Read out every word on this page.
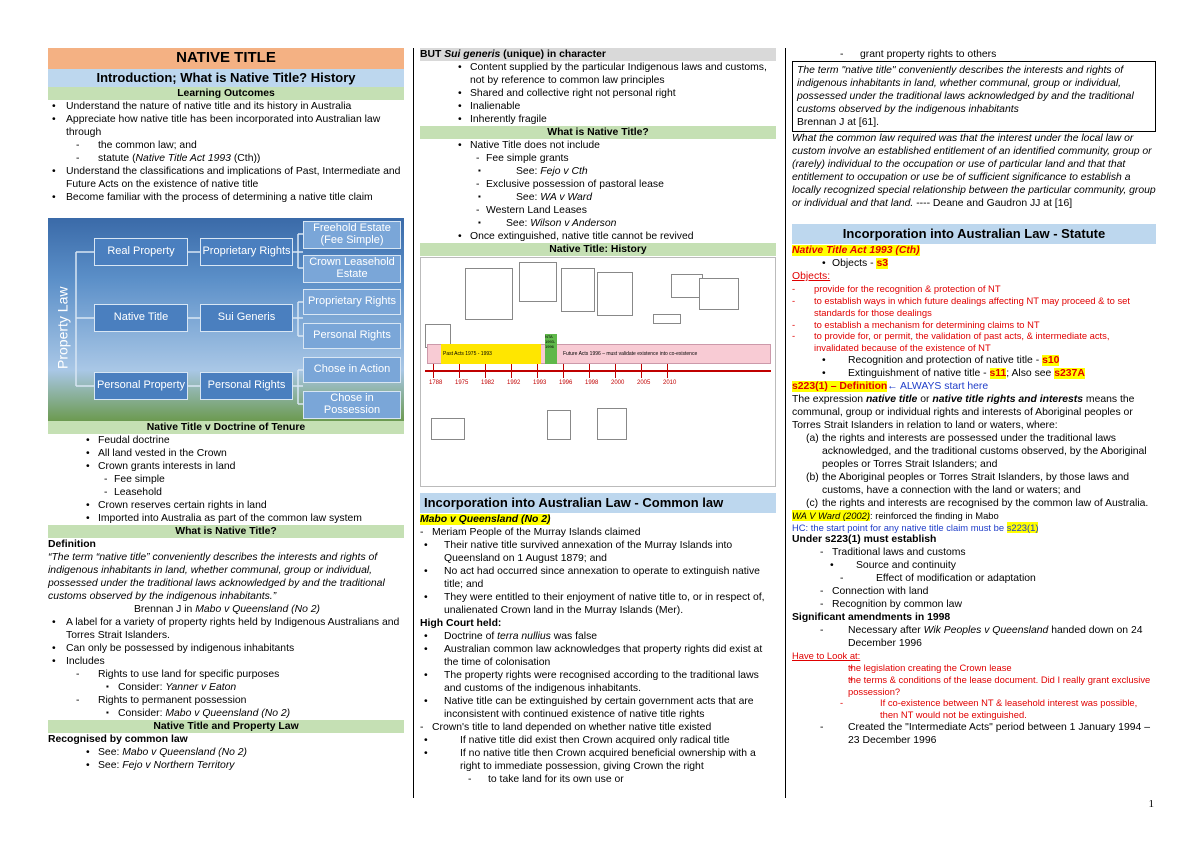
NATIVE TITLE
Introduction; What is Native Title? History
Learning Outcomes
• Understand the nature of native title and its history in Australia
• Appreciate how native title has been incorporated into Australian law through
- the common law; and
- statute (Native Title Act 1993 (Cth))
• Understand the classifications and implications of Past, Intermediate and Future Acts on the existence of native title
• Become familiar with the process of determining a native title claim
Property Law
Real Property
Native Title
Personal Property
Proprietary Rights
Sui Generis
Personal Rights
Freehold Estate (Fee Simple)
Crown Leasehold Estate
Proprietary Rights
Personal Rights
Chose in Action
Chose in Possession
Native Title v Doctrine of Tenure
• Feudal doctrine
• All land vested in the Crown
• Crown grants interests in land
- Fee simple
- Leasehold
• Crown reserves certain rights in land
• Imported into Australia as part of the common law system
What is Native Title?
Definition
“The term “native title” conveniently describes the interests and rights of indigenous inhabitants in land, whether communal, group or individual, possessed under the traditional laws acknowledged by and the traditional customs observed by the indigenous inhabitants.”
Brennan J in Mabo v Queensland (No 2)
• A label for a variety of property rights held by Indigenous Australians and Torres Strait Islanders.
• Can only be possessed by indigenous inhabitants
• Includes
- Rights to use land for specific purposes
▪ Consider: Yanner v Eaton
- Rights to permanent possession
▪ Consider: Mabo v Queensland (No 2)
Native Title and Property Law
Recognised by common law
• See: Mabo v Queensland (No 2)
• See: Fejo v Northern Territory
BUT Sui generis (unique) in character
• Content supplied by the particular Indigenous laws and customs, not by reference to common law principles
• Shared and collective right not personal right
• Inalienable
• Inherently fragile
What is Native Title?
• Native Title does not include
- Fee simple grants
▪ See: Fejo v Cth
- Exclusive possession of pastoral lease
▪ See: WA v Ward
- Western Land Leases
▪ See: Wilson v Anderson
• Once extinguished, native title cannot be revived
Native Title: History
Past Acts 1975 - 1993
NTA 1993-1996
Future Acts 1996 – must validate existence into co-existence
1788 1975 1982 1992 1993 1996 1998 2000 2005 2010
Incorporation into Australian Law - Common law
Mabo v Queensland (No 2)
- Meriam People of the Murray Islands claimed
• Their native title survived annexation of the Murray Islands into Queensland on 1 August 1879; and
• No act had occurred since annexation to operate to extinguish native title; and
• They were entitled to their enjoyment of native title to, or in respect of, unalienated Crown land in the Murray Islands (Mer).
High Court held:
• Doctrine of terra nullius was false
• Australian common law acknowledges that property rights did exist at the time of colonisation
• The property rights were recognised according to the traditional laws and customs of the indigenous inhabitants.
• Native title can be extinguished by certain government acts that are inconsistent with continued existence of native title rights
- Crown's title to land depended on whether native title existed
• If native title did exist then Crown acquired only radical title
• If no native title then Crown acquired beneficial ownership with a right to immediate possession, giving Crown the right
- to take land for its own use or
- grant property rights to others
The term "native title" conveniently describes the interests and rights of indigenous inhabitants in land, whether communal, group or individual, possessed under the traditional laws acknowledged by and the traditional customs observed by the indigenous inhabitants
Brennan J at [61].
What the common law required was that the interest under the local law or custom involve an established entitlement of an identified community, group or (rarely) individual to the occupation or use of particular land and that that entitlement to occupation or use be of sufficient significance to establish a locally recognized special relationship between the particular community, group or individual and that land. ---- Deane and Gaudron JJ at [16]
Incorporation into Australian Law - Statute
Native Title Act 1993 (Cth)
• Objects - s3
Objects:
- provide for the recognition & protection of NT
- to establish ways in which future dealings affecting NT may proceed & to set standards for those dealings
- to establish a mechanism for determining claims to NT
- to provide for, or permit, the validation of past acts, & intermediate acts, invalidated because of the existence of NT
• Recognition and protection of native title - s10
• Extinguishment of native title - s11; Also see s237A
s223(1) – Definition← ALWAYS start here
The expression native title or native title rights and interests means the communal, group or individual rights and interests of Aboriginal peoples or Torres Strait Islanders in relation to land or waters, where:
(a) the rights and interests are possessed under the traditional laws acknowledged, and the traditional customs observed, by the Aboriginal peoples or Torres Strait Islanders; and
(b) the Aboriginal peoples or Torres Strait Islanders, by those laws and customs, have a connection with the land or waters; and
(c) the rights and interests are recognised by the common law of Australia.
WA V Ward (2002): reinforced the finding in Mabo
HC: the start point for any native title claim must be s223(1)
Under s223(1) must establish
- Traditional laws and customs
• Source and continuity
- Effect of modification or adaptation
- Connection with land
- Recognition by common law
Significant amendments in 1998
- Necessary after Wik Peoples v Queensland handed down on 24 December 1996
Have to Look at:
▪ the legislation creating the Crown lease
▪ the terms & conditions of the lease document. Did I really grant exclusive possession?
- If co-existence between NT & leasehold interest was possible, then NT would not be extinguished.
- Created the "Intermediate Acts" period between 1 January 1994 – 23 December 1996
1
